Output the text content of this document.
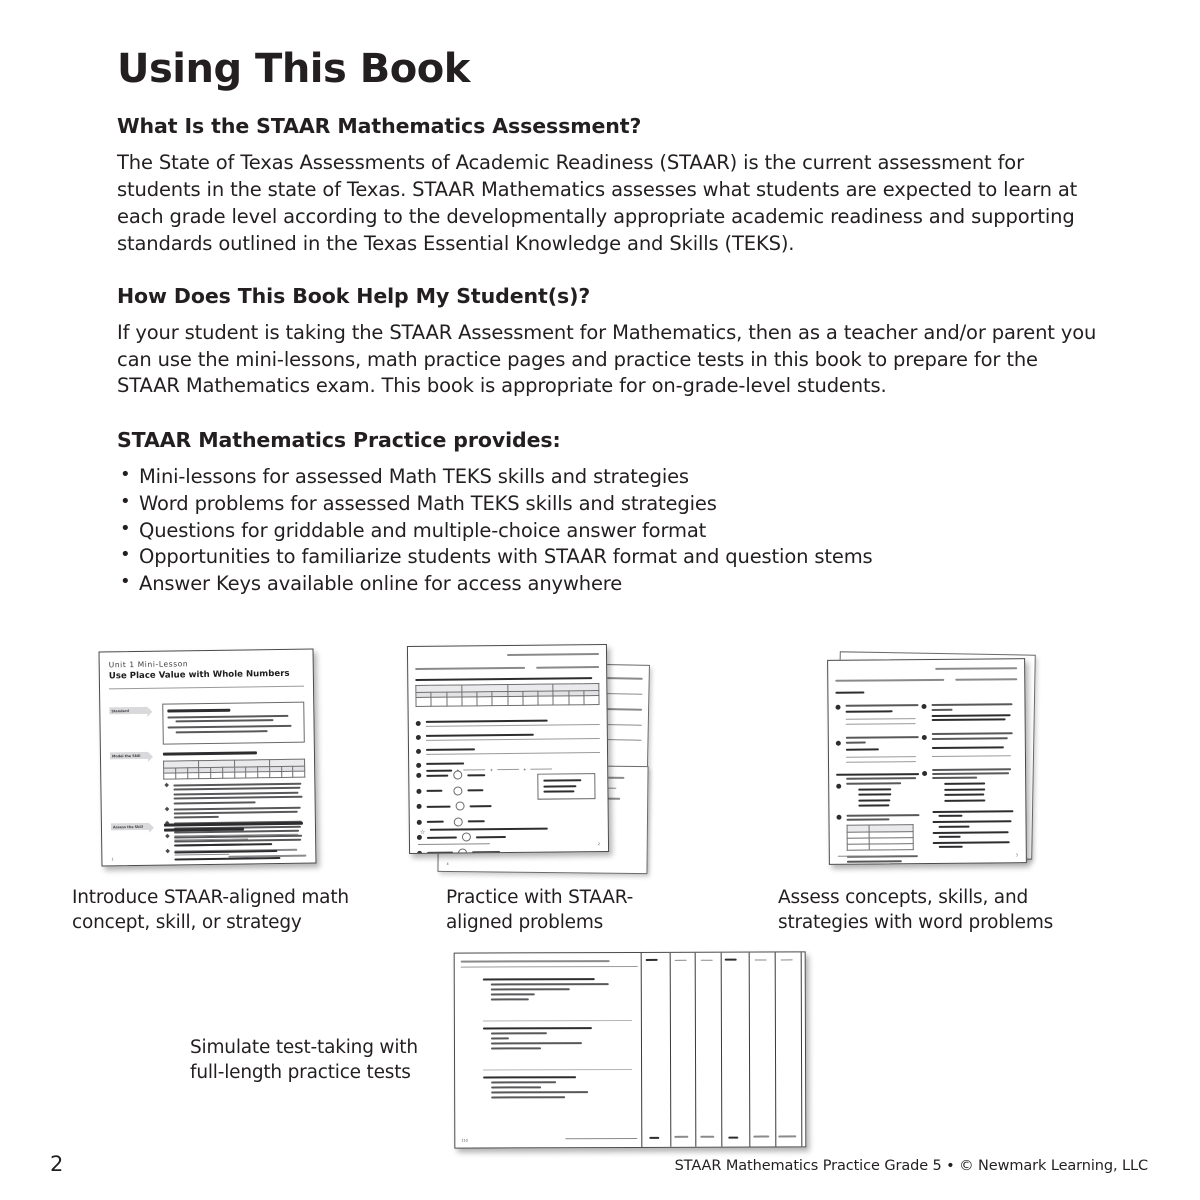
Using This Book
What Is the STAAR Mathematics Assessment?

The State of Texas Assessments of Academic Readiness (STAAR) is the current assessment for students in the state of Texas. STAAR Mathematics assesses what students are expected to learn at each grade level according to the developmentally appropriate academic readiness and supporting standards outlined in the Texas Essential Knowledge and Skills (TEKS).

How Does This Book Help My Student(s)?

If your student is taking the STAAR Assessment for Mathematics, then as a teacher and/or parent you can use the mini-lessons, math practice pages and practice tests in this book to prepare for the STAAR Mathematics exam. This book is appropriate for on-grade-level students.

STAAR Mathematics Practice provides:
• Mini-lessons for assessed Math TEKS skills and strategies
• Word problems for assessed Math TEKS skills and strategies
• Questions for griddable and multiple-choice answer format
• Opportunities to familiarize students with STAAR format and question stems
• Answer Keys available online for access anywhere
Unit 1 Mini-Lesson
Use Place Value with Whole Numbers
Standard
Model the Skill

◆
◆
◆
Assess the Skill
◆
1
Introduce STAAR-aligned math concept, skill, or strategy
4

+	+	+
☆
2
Practice with STAAR-aligned problems

3
Assess concepts, skills, and strategies with word problems
110
Simulate test-taking with full-length practice tests
2	STAAR Mathematics Practice Grade 5 • © Newmark Learning, LLC
